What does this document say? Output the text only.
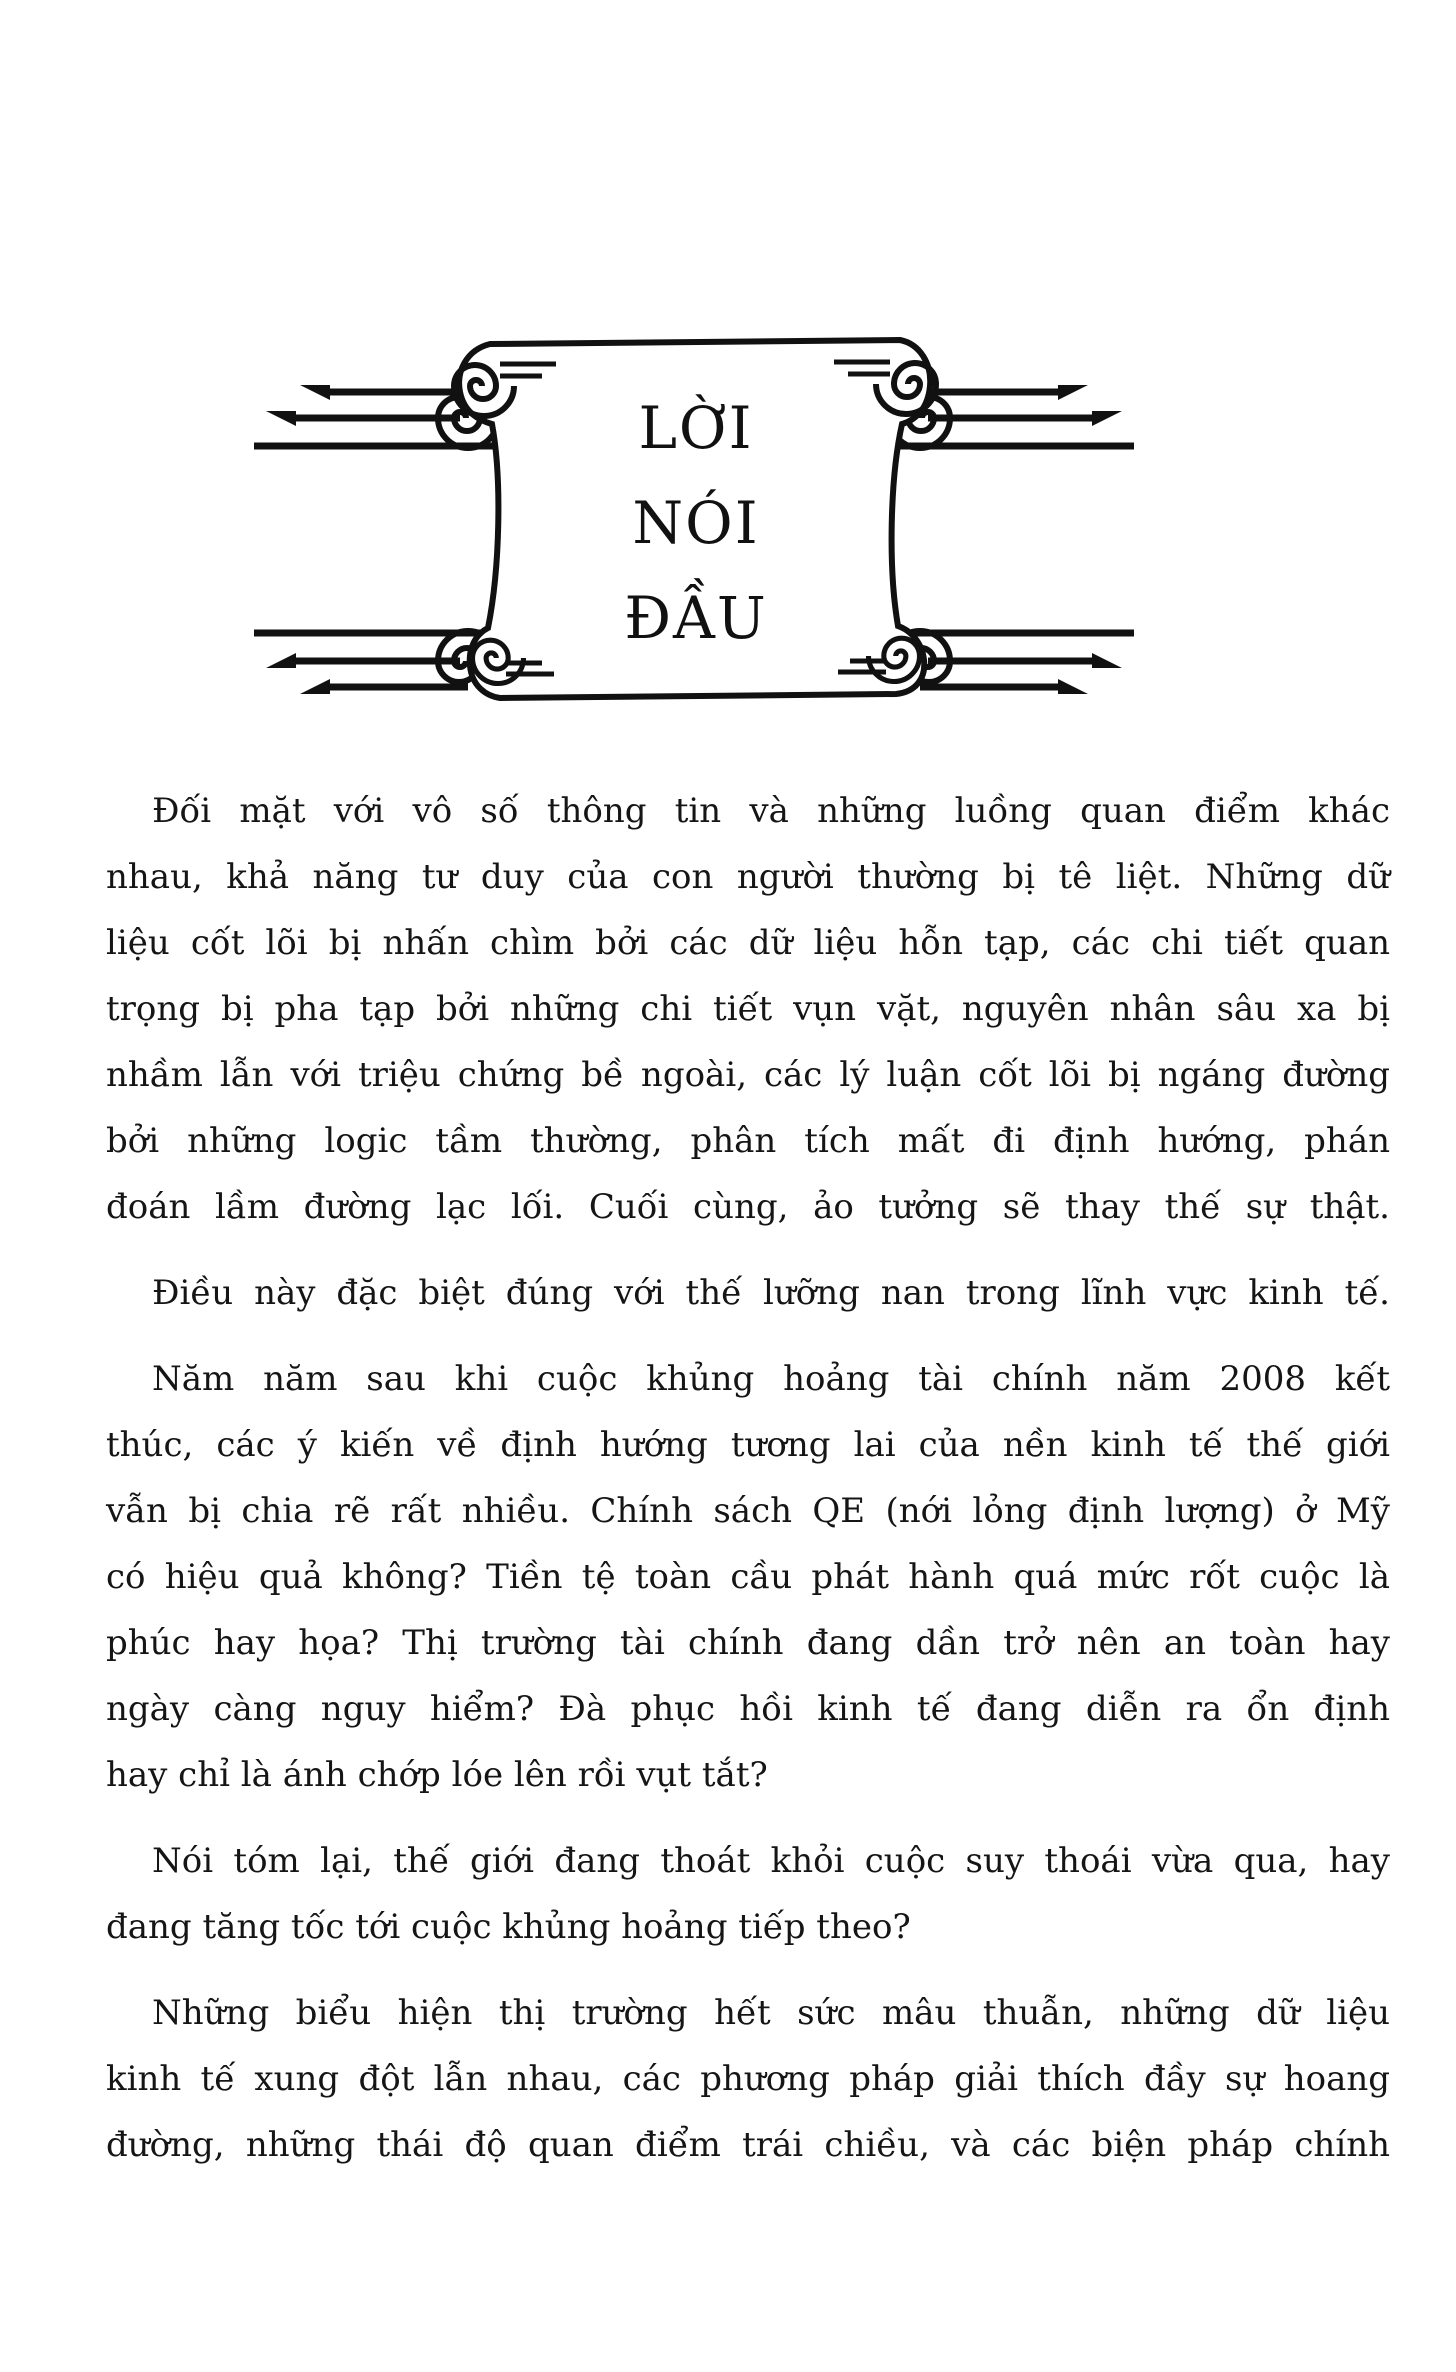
LỜI
NÓI
ĐẦU
Đối mặt với vô số thông tin và những luồng quan điểm khác
nhau, khả năng tư duy của con người thường bị tê liệt. Những dữ
liệu cốt lõi bị nhấn chìm bởi các dữ liệu hỗn tạp, các chi tiết quan
trọng bị pha tạp bởi những chi tiết vụn vặt, nguyên nhân sâu xa bị
nhầm lẫn với triệu chứng bề ngoài, các lý luận cốt lõi bị ngáng đường
bởi những logic tầm thường, phân tích mất đi định hướng, phán
đoán lầm đường lạc lối. Cuối cùng, ảo tưởng sẽ thay thế sự thật.
Điều này đặc biệt đúng với thế lưỡng nan trong lĩnh vực kinh tế.
Năm năm sau khi cuộc khủng hoảng tài chính năm 2008 kết
thúc, các ý kiến về định hướng tương lai của nền kinh tế thế giới
vẫn bị chia rẽ rất nhiều. Chính sách QE (nới lỏng định lượng) ở Mỹ
có hiệu quả không? Tiền tệ toàn cầu phát hành quá mức rốt cuộc là
phúc hay họa? Thị trường tài chính đang dần trở nên an toàn hay
ngày càng nguy hiểm? Đà phục hồi kinh tế đang diễn ra ổn định
hay chỉ là ánh chớp lóe lên rồi vụt tắt?
Nói tóm lại, thế giới đang thoát khỏi cuộc suy thoái vừa qua, hay
đang tăng tốc tới cuộc khủng hoảng tiếp theo?
Những biểu hiện thị trường hết sức mâu thuẫn, những dữ liệu
kinh tế xung đột lẫn nhau, các phương pháp giải thích đầy sự hoang
đường, những thái độ quan điểm trái chiều, và các biện pháp chính
